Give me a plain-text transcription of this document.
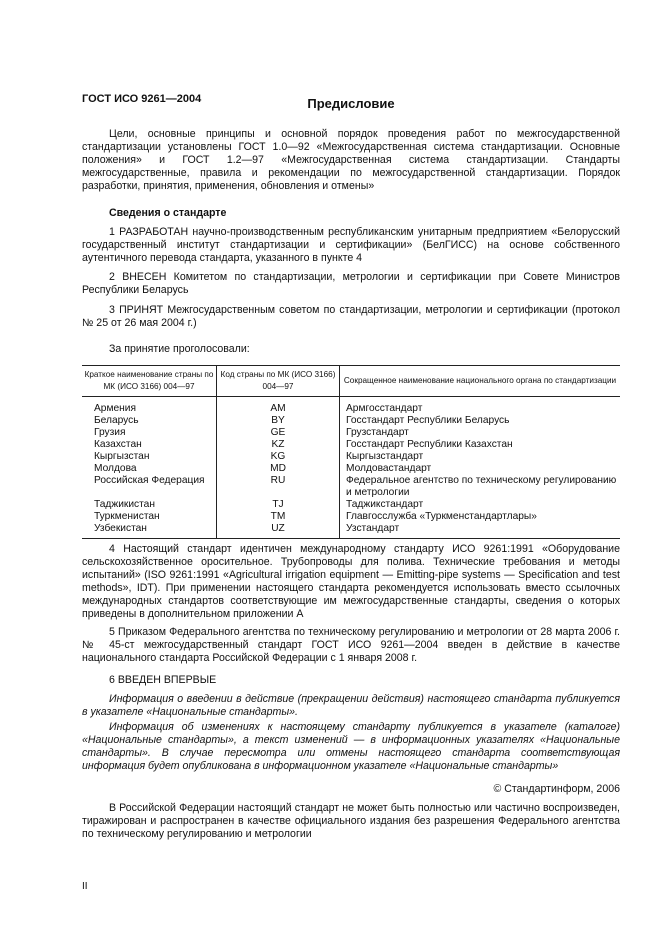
ГОСТ ИСО 9261—2004	Предисловие
Цели, основные принципы и основной порядок проведения работ по межгосударственной стандартизации установлены ГОСТ 1.0—92 «Межгосударственная система стандартизации. Основные положения» и ГОСТ 1.2—97 «Межгосударственная система стандартизации. Стандарты межгосударственные, правила и рекомендации по межгосударственной стандартизации. Порядок разработки, принятия, применения, обновления и отмены»
Сведения о стандарте
1 РАЗРАБОТАН научно-производственным республиканским унитарным предприятием «Белорусский государственный институт стандартизации и сертификации» (БелГИСС) на основе собственного аутентичного перевода стандарта, указанного в пункте 4
2 ВНЕСЕН Комитетом по стандартизации, метрологии и сертификации при Совете Министров Республики Беларусь
3 ПРИНЯТ Межгосударственным советом по стандартизации, метрологии и сертификации (протокол № 25 от 26 мая 2004 г.)
За принятие проголосовали:
Краткое наименование страны по МК (ИСО 3166) 004—97	Код страны по МК (ИСО 3166) 004—97	Сокращенное наименование национального органа по стандартизации
Армения	AM	Армгосстандарт
Беларусь	BY	Госстандарт Республики Беларусь
Грузия	GE	Грузстандарт
Казахстан	KZ	Госстандарт Республики Казахстан
Кыргызстан	KG	Кыргызстандарт
Молдова	MD	Молдовастандарт
Российская Федерация	RU	Федеральное агентство по техническому регулированию и метрологии
Таджикистан	TJ	Таджикстандарт
Туркменистан	TM	Главгосслужба «Туркменстандартлары»
Узбекистан	UZ	Узстандарт
4 Настоящий стандарт идентичен международному стандарту ИСО 9261:1991 «Оборудование сельскохозяйственное оросительное. Трубопроводы для полива. Технические требования и методы испытаний» (ISO 9261:1991 «Agricultural irrigation equipment — Emitting-pipe systems — Specification and test methods», IDT). При применении настоящего стандарта рекомендуется использовать вместо ссылочных международных стандартов соответствующие им межгосударственные стандарты, сведения о которых приведены в дополнительном приложении А
5 Приказом Федерального агентства по техническому регулированию и метрологии от 28 марта 2006 г. № 45-ст межгосударственный стандарт ГОСТ ИСО 9261—2004 введен в действие в качестве национального стандарта Российской Федерации с 1 января 2008 г.
6 ВВЕДЕН ВПЕРВЫЕ
Информация о введении в действие (прекращении действия) настоящего стандарта публикуется в указателе «Национальные стандарты».
Информация об изменениях к настоящему стандарту публикуется в указателе (каталоге) «Национальные стандарты», а текст изменений — в информационных указателях «Национальные стандарты». В случае пересмотра или отмены настоящего стандарта соответствующая информация будет опубликована в информационном указателе «Национальные стандарты»
© Стандартинформ, 2006
В Российской Федерации настоящий стандарт не может быть полностью или частично воспроизведен, тиражирован и распространен в качестве официального издания без разрешения Федерального агентства по техническому регулированию и метрологии
II
